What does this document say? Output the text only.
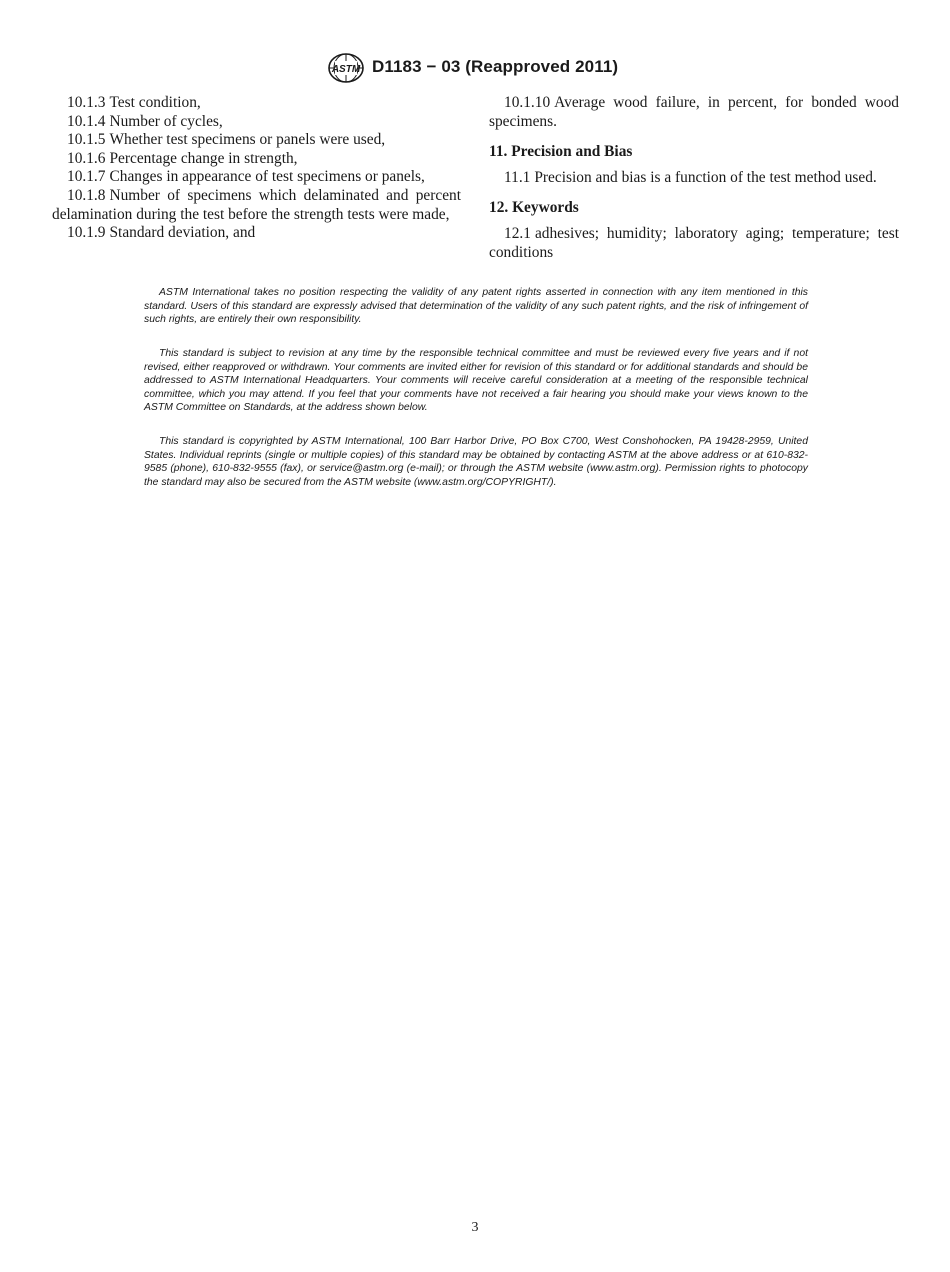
ASTM D1183 − 03 (Reapproved 2011)

10.1.3 Test condition,

10.1.4 Number of cycles,

10.1.5 Whether test specimens or panels were used,

10.1.6 Percentage change in strength,

10.1.7 Changes in appearance of test specimens or panels,

10.1.8 Number of specimens which delaminated and percent delamination during the test before the strength tests were made,

10.1.9 Standard deviation, and

10.1.10 Average wood failure, in percent, for bonded wood specimens.

11. Precision and Bias

11.1 Precision and bias is a function of the test method used.

12. Keywords

12.1 adhesives; humidity; laboratory aging; temperature; test conditions

ASTM International takes no position respecting the validity of any patent rights asserted in connection with any item mentioned in this standard. Users of this standard are expressly advised that determination of the validity of any such patent rights, and the risk of infringement of such rights, are entirely their own responsibility.

This standard is subject to revision at any time by the responsible technical committee and must be reviewed every five years and if not revised, either reapproved or withdrawn. Your comments are invited either for revision of this standard or for additional standards and should be addressed to ASTM International Headquarters. Your comments will receive careful consideration at a meeting of the responsible technical committee, which you may attend. If you feel that your comments have not received a fair hearing you should make your views known to the ASTM Committee on Standards, at the address shown below.

This standard is copyrighted by ASTM International, 100 Barr Harbor Drive, PO Box C700, West Conshohocken, PA 19428-2959, United States. Individual reprints (single or multiple copies) of this standard may be obtained by contacting ASTM at the above address or at 610-832-9585 (phone), 610-832-9555 (fax), or service@astm.org (e-mail); or through the ASTM website (www.astm.org). Permission rights to photocopy the standard may also be secured from the ASTM website (www.astm.org/COPYRIGHT/).

3
